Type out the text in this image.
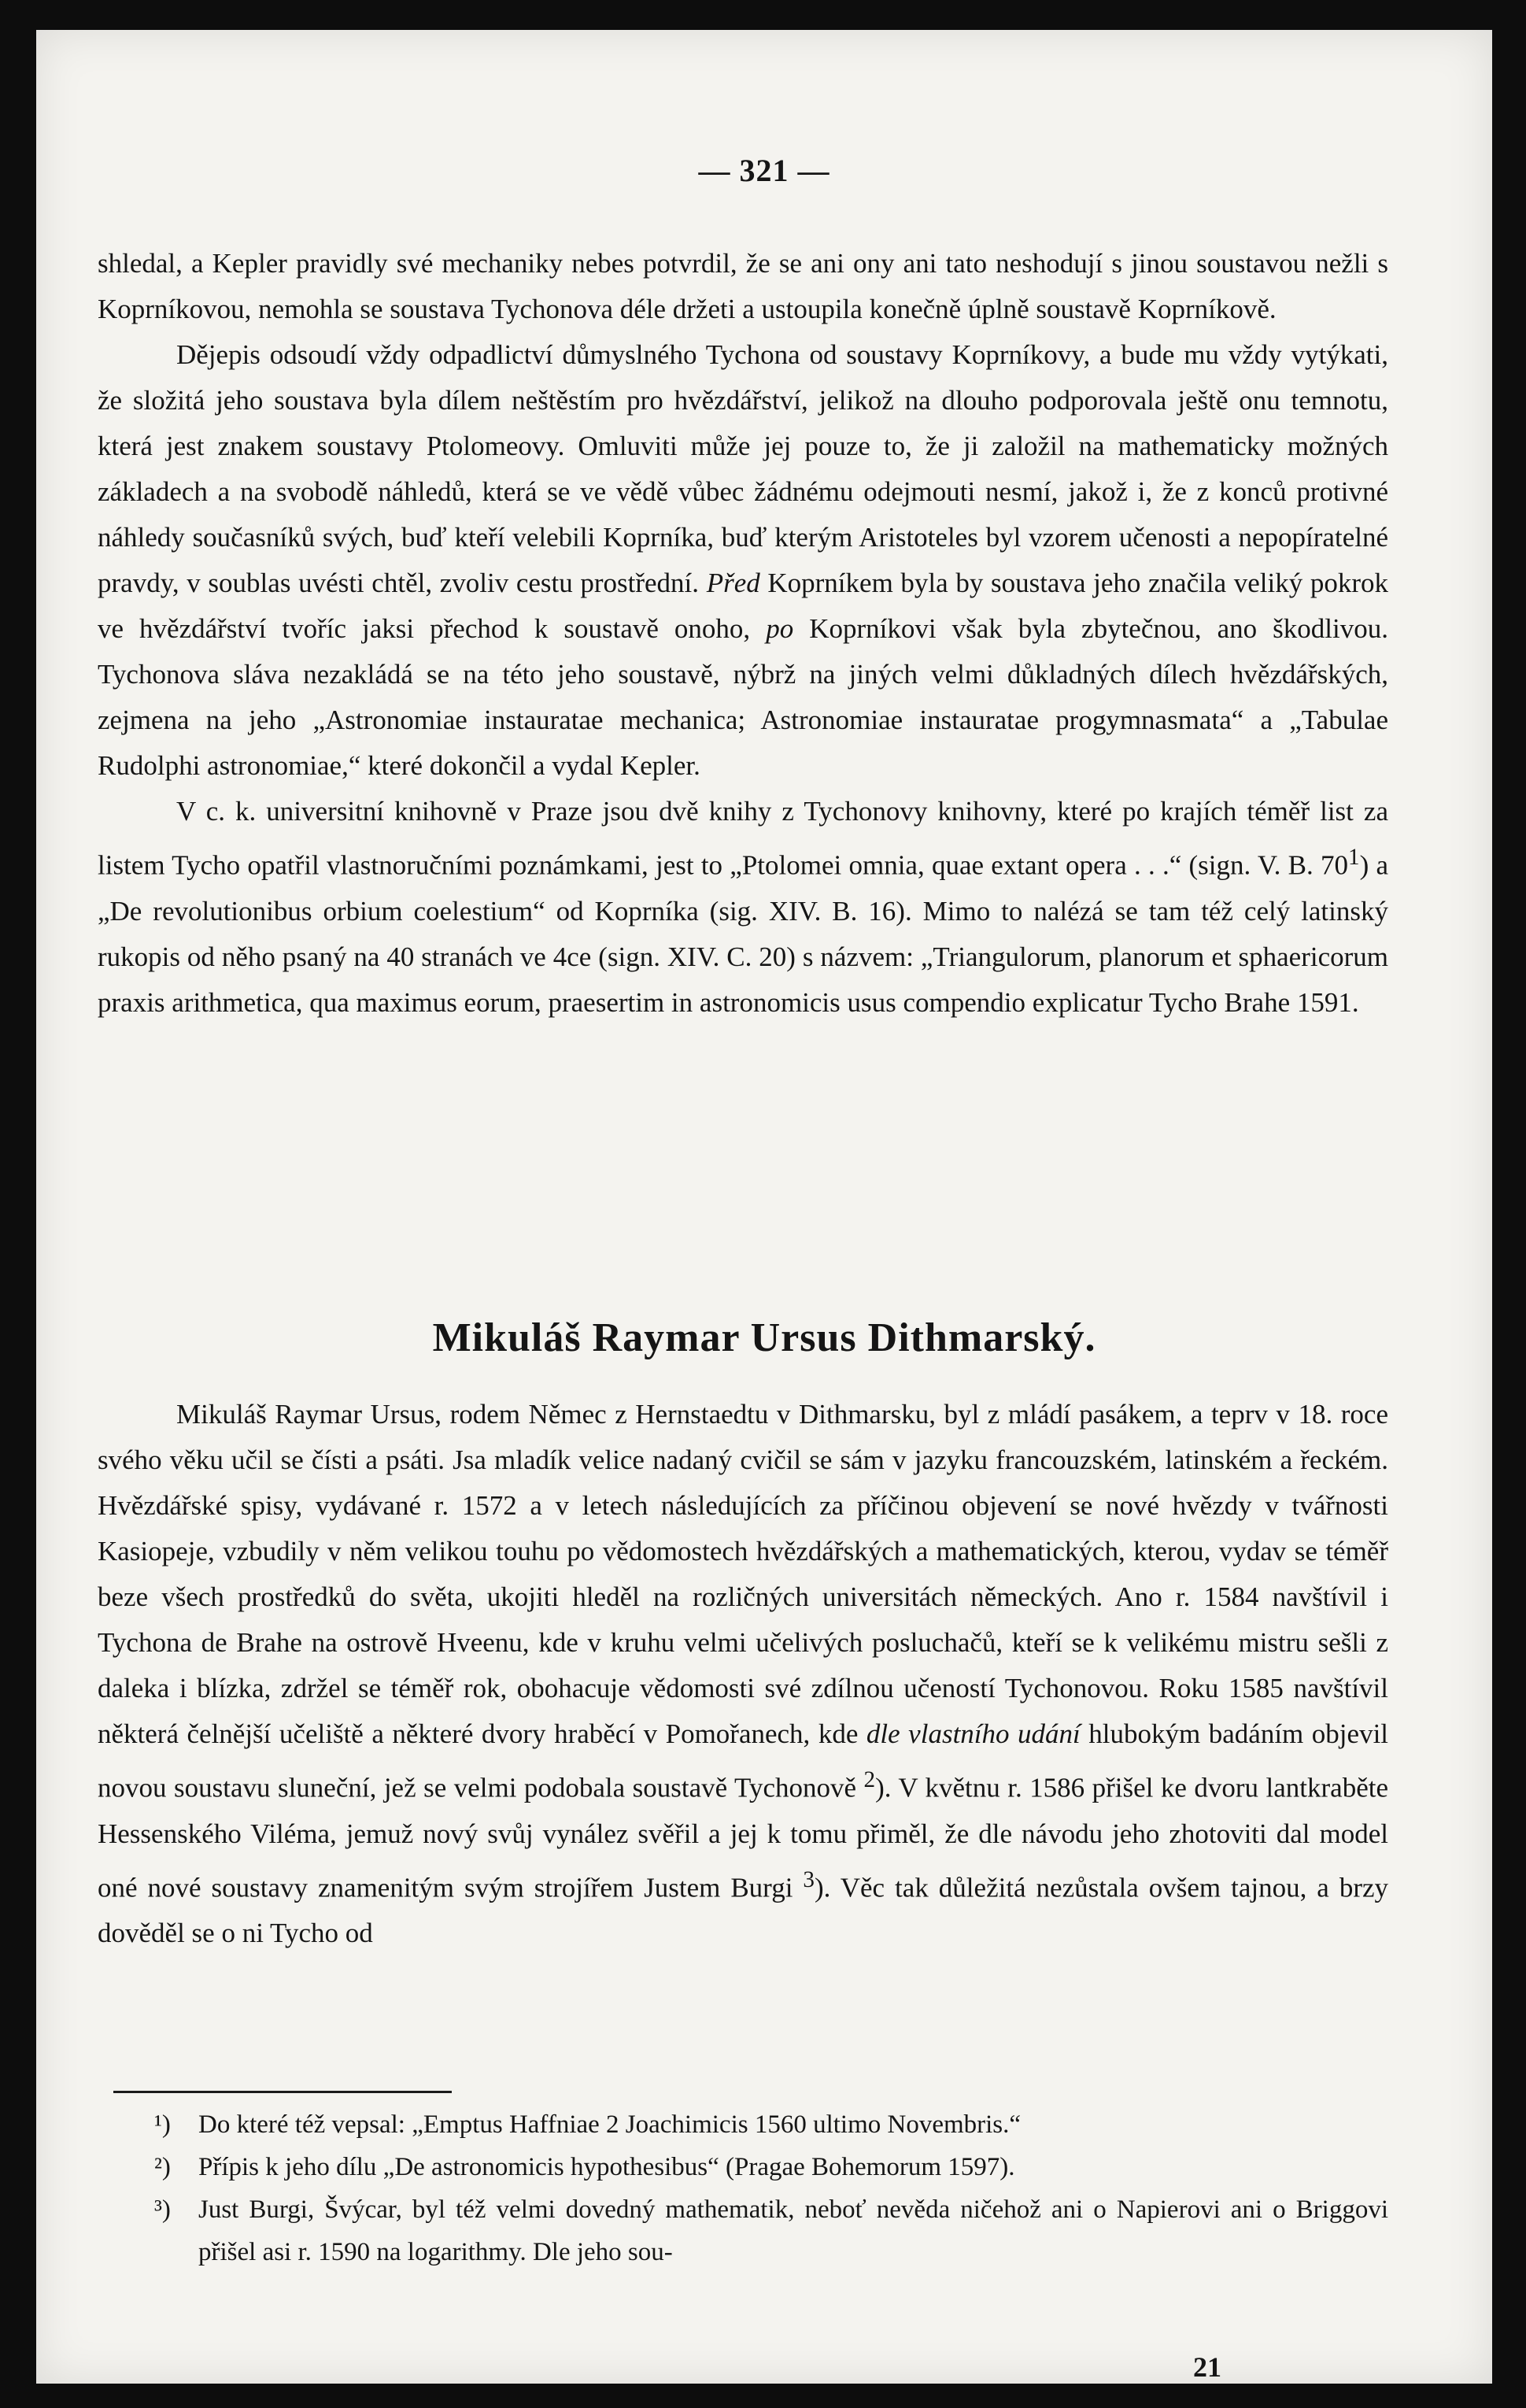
— 321 —

shledal, a Kepler pravidly své mechaniky nebes potvrdil, že se ani ony ani tato neshodují s jinou soustavou nežli s Koprníkovou, nemohla se soustava Tychonova déle držeti a ustoupila konečně úplně soustavě Koprníkově.

Dějepis odsoudí vždy odpadlictví důmyslného Tychona od soustavy Koprníkovy, a bude mu vždy vytýkati, že složitá jeho soustava byla dílem neštěstím pro hvězdářství, jelikož na dlouho podporovala ještě onu temnotu, která jest znakem soustavy Ptolomeovy. Omluviti může jej pouze to, že ji založil na mathematicky možných základech a na svobodě náhledů, která se ve vědě vůbec žádnému odejmouti nesmí, jakož i, že z konců protivné náhledy současníků svých, buď kteří velebili Koprníka, buď kterým Aristoteles byl vzorem učenosti a nepopíratelné pravdy, v soublas uvésti chtěl, zvoliv cestu prostřední. Před Koprníkem byla by soustava jeho značila veliký pokrok ve hvězdářství tvoříc jaksi přechod k soustavě onoho, po Koprníkovi však byla zbytečnou, ano škodlivou. Tychonova sláva nezakládá se na této jeho soustavě, nýbrž na jiných velmi důkladných dílech hvězdářských, zejmena na jeho „Astronomiae instauratae mechanica; Astronomiae instauratae progymnasmata“ a „Tabulae Rudolphi astronomiae,“ které dokončil a vydal Kepler.

V c. k. universitní knihovně v Praze jsou dvě knihy z Tychonovy knihovny, které po krajích téměř list za listem Tycho opatřil vlastnoručními poznámkami, jest to „Ptolomei omnia, quae extant opera . . .“ (sign. V. B. $70^1$) a „De revolutionibus orbium coelestium“ od Koprníka (sig. XIV. B. 16). Mimo to nalézá se tam též celý latinský rukopis od něho psaný na 40 stranách ve 4ce (sign. XIV. C. 20) s názvem: „Triangulorum, planorum et sphaericorum praxis arithmetica, qua maximus eorum, praesertim in astronomicis usus compendio explicatur Tycho Brahe 1591.

Mikuláš Raymar Ursus Dithmarský.

Mikuláš Raymar Ursus, rodem Němec z Hernstaedtu v Dithmarsku, byl z mládí pasákem, a teprv v 18. roce svého věku učil se čísti a psáti. Jsa mladík velice nadaný cvičil se sám v jazyku francouzském, latinském a řeckém. Hvězdářské spisy, vydávané r. 1572 a v letech následujících za příčinou objevení se nové hvězdy v tvářnosti Kasiopeje, vzbudily v něm velikou touhu po vědomostech hvězdářských a mathematických, kterou, vydav se téměř beze všech prostředků do světa, ukojiti hleděl na rozličných universitách německých. Ano r. 1584 navštívil i Tychona de Brahe na ostrově Hveenu, kde v kruhu velmi učelivých posluchačů, kteří se k velikému mistru sešli z daleka i blízka, zdržel se téměř rok, obohacuje vědomosti své zdílnou učeností Tychonovou. Roku 1585 navštívil některá čelnější učeliště a některé dvory hraběcí v Pomořanech, kde dle vlastního udání hlubokým badáním objevil novou soustavu sluneční, jež se velmi podobala soustavě Tychonově $^2$). V květnu r. 1586 přišel ke dvoru lantkraběte Hessenského Viléma, jemuž nový svůj vynález svěřil a jej k tomu přiměl, že dle návodu jeho zhotoviti dal model oné nové soustavy znamenitým svým strojířem Justem Burgi $^3$). Věc tak důležitá nezůstala ovšem tajnou, a brzy dověděl se o ni Tycho od

¹) Do které též vepsal: „Emptus Haffniae 2 Joachimicis 1560 ultimo Novembris.“

²) Přípis k jeho dílu „De astronomicis hypothesibus“ (Pragae Bohemorum 1597).

³) Just Burgi, Švýcar, byl též velmi dovedný mathematik, neboť nevěda ničehož ani o Napierovi ani o Briggovi přišel asi r. 1590 na logarithmy. Dle jeho sou-

21
